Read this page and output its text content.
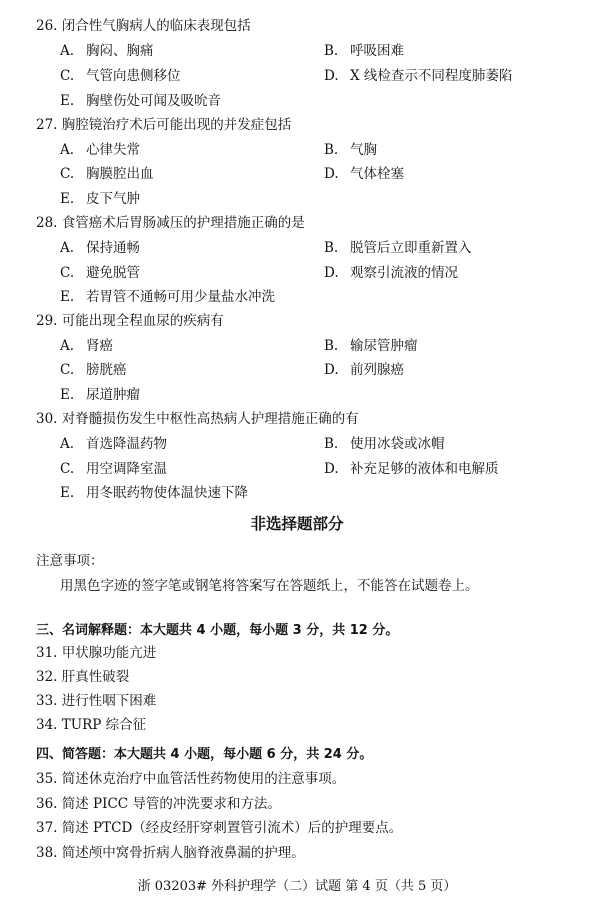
26. 闭合性气胸病人的临床表现包括
A. 胸闷、胸痛	B. 呼吸困难
C. 气管向患侧移位	D. X 线检查示不同程度肺萎陷
E. 胸壁伤处可闻及吸吮音
27. 胸腔镜治疗术后可能出现的并发症包括
A. 心律失常	B. 气胸
C. 胸膜腔出血	D. 气体栓塞
E. 皮下气肿
28. 食管癌术后胃肠减压的护理措施正确的是
A. 保持通畅	B. 脱管后立即重新置入
C. 避免脱管	D. 观察引流液的情况
E. 若胃管不通畅可用少量盐水冲洗
29. 可能出现全程血尿的疾病有
A. 肾癌	B. 输尿管肿瘤
C. 膀胱癌	D. 前列腺癌
E. 尿道肿瘤
30. 对脊髓损伤发生中枢性高热病人护理措施正确的有
A. 首选降温药物	B. 使用冰袋或冰帽
C. 用空调降室温	D. 补充足够的液体和电解质
E. 用冬眠药物使体温快速下降
非选择题部分
注意事项：
用黑色字迹的签字笔或钢笔将答案写在答题纸上，不能答在试题卷上。
三、名词解释题：本大题共 4 小题，每小题 3 分，共 12 分。
31. 甲状腺功能亢进
32. 肝真性破裂
33. 进行性咽下困难
34. TURP 综合征
四、简答题：本大题共 4 小题，每小题 6 分，共 24 分。
35. 简述休克治疗中血管活性药物使用的注意事项。
36. 简述 PICC 导管的冲洗要求和方法。
37. 简述 PTCD（经皮经肝穿刺置管引流术）后的护理要点。
38. 简述颅中窝骨折病人脑脊液鼻漏的护理。
浙 03203# 外科护理学（二）试题 第 4 页（共 5 页）
